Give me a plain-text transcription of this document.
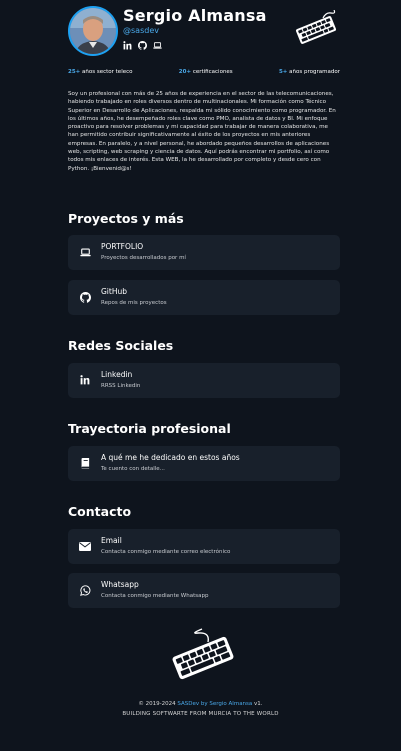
Sergio Almansa
@sasdev
25+ años sector teleco	20+ certificaciones	5+ años programador

Soy un profesional con más de 25 años de experiencia en el sector de las telecomunicaciones, habiendo trabajado en roles diversos dentro de multinacionales. Mi formación como Técnico Superior en Desarrollo de Aplicaciones, respalda mi sólido conocimiento como programador. En los últimos años, he desempeñado roles clave como PMO, analista de datos y BI. Mi enfoque proactivo para resolver problemas y mi capacidad para trabajar de manera colaborativa, me han permitido contribuir significativamente al éxito de los proyectos en mis anteriores empresas. En paralelo, y a nivel personal, he abordado pequeños desarrollos de aplicaciones web, scripting, web scraping y ciencia de datos. Aquí podrás encontrar mi portfolio, así como todos mis enlaces de interés. Esta WEB, la he desarrollado por completo y desde cero con Python. ¡Bienvenid@s!

Proyectos y más
PORTFOLIO
Proyectos desarrollados por mí
GitHub
Repos de mis proyectos
Redes Sociales
Linkedin
RRSS Linkedin
Trayectoria profesional
A qué me he dedicado en estos años
Te cuento con detalle...
Contacto
Email
Contacta conmigo mediante correo electrónico
Whatsapp
Contacta conmigo mediante Whatsapp
© 2019-2024 SASDev by Sergio Almansa v1.
BUILDING SOFTWARTE FROM MURCIA TO THE WORLD
